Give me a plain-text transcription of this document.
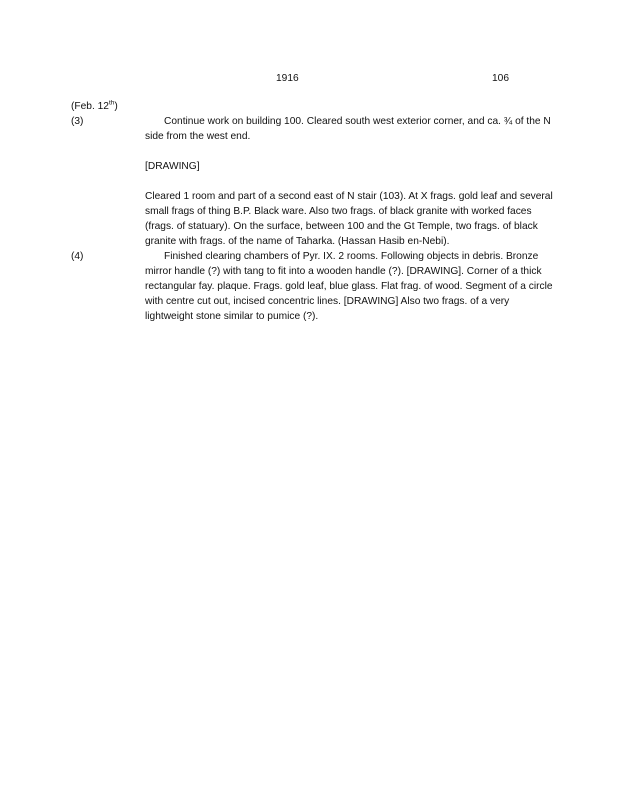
1916	106
(Feb. 12th)
(3)	Continue work on building 100. Cleared south west exterior corner, and ca. ¾ of the N side from the west end.

[DRAWING]

Cleared 1 room and part of a second east of N stair (103). At X frags. gold leaf and several small frags of thing B.P. Black ware. Also two frags. of black granite with worked faces (frags. of statuary). On the surface, between 100 and the Gt Temple, two frags. of black granite with frags. of the name of Taharka. (Hassan Hasib en-Nebi).

(4)	Finished clearing chambers of Pyr. IX. 2 rooms. Following objects in debris. Bronze mirror handle (?) with tang to fit into a wooden handle (?). [DRAWING]. Corner of a thick rectangular fay. plaque. Frags. gold leaf, blue glass. Flat frag. of wood. Segment of a circle with centre cut out, incised concentric lines. [DRAWING] Also two frags. of a very lightweight stone similar to pumice (?).
